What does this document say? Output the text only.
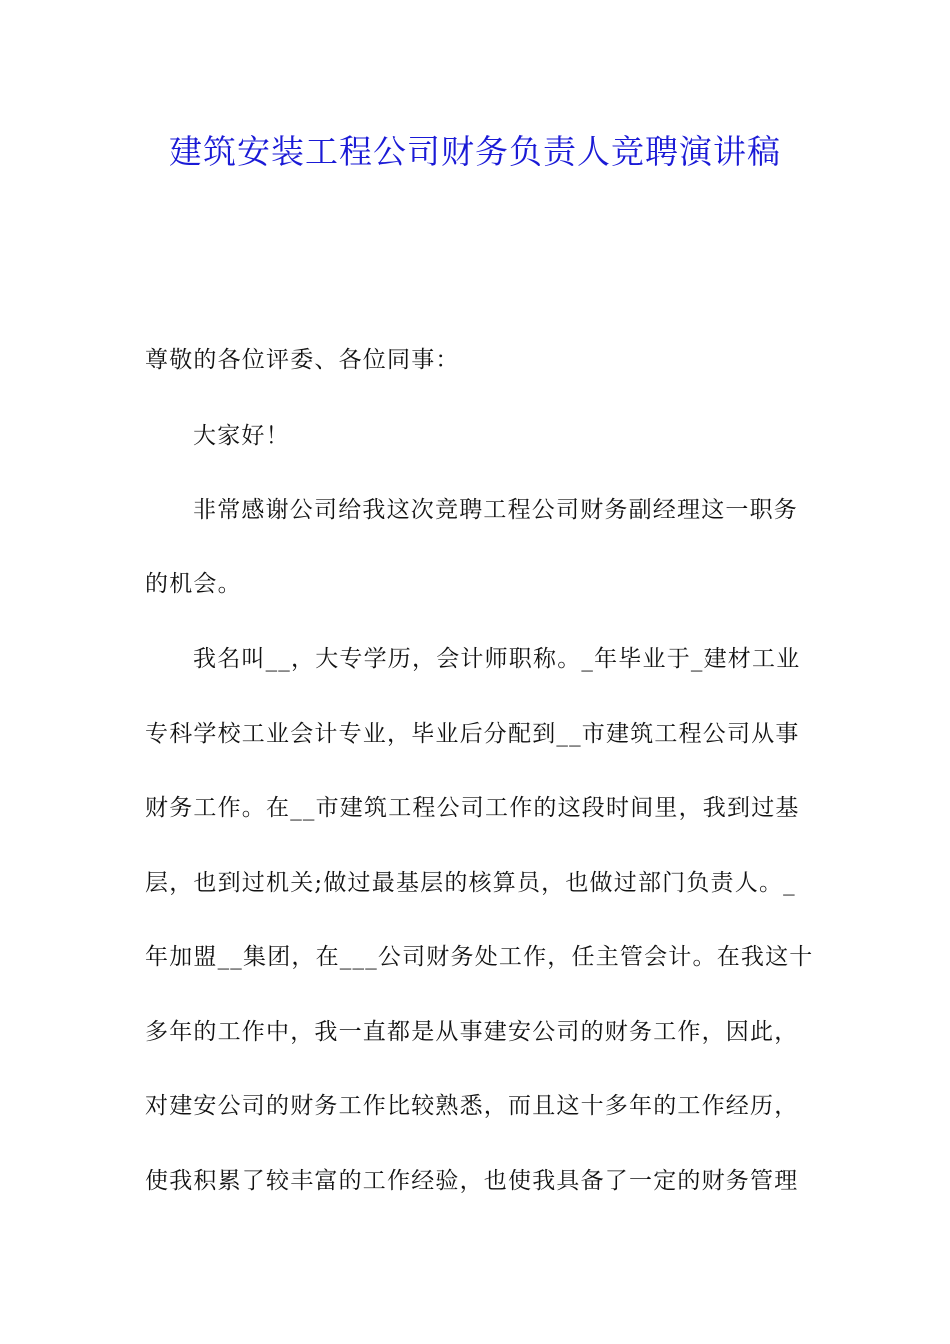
建筑安装工程公司财务负责人竞聘演讲稿
尊敬的各位评委、各位同事：
大家好！
非常感谢公司给我这次竞聘工程公司财务副经理这一职务
的机会。
我名叫__，大专学历，会计师职称。_年毕业于_建材工业
专科学校工业会计专业，毕业后分配到__市建筑工程公司从事
财务工作。在__市建筑工程公司工作的这段时间里，我到过基
层，也到过机关;做过最基层的核算员，也做过部门负责人。_
年加盟__集团，在___公司财务处工作，任主管会计。在我这十
多年的工作中，我一直都是从事建安公司的财务工作，因此，
对建安公司的财务工作比较熟悉，而且这十多年的工作经历，
使我积累了较丰富的工作经验，也使我具备了一定的财务管理
